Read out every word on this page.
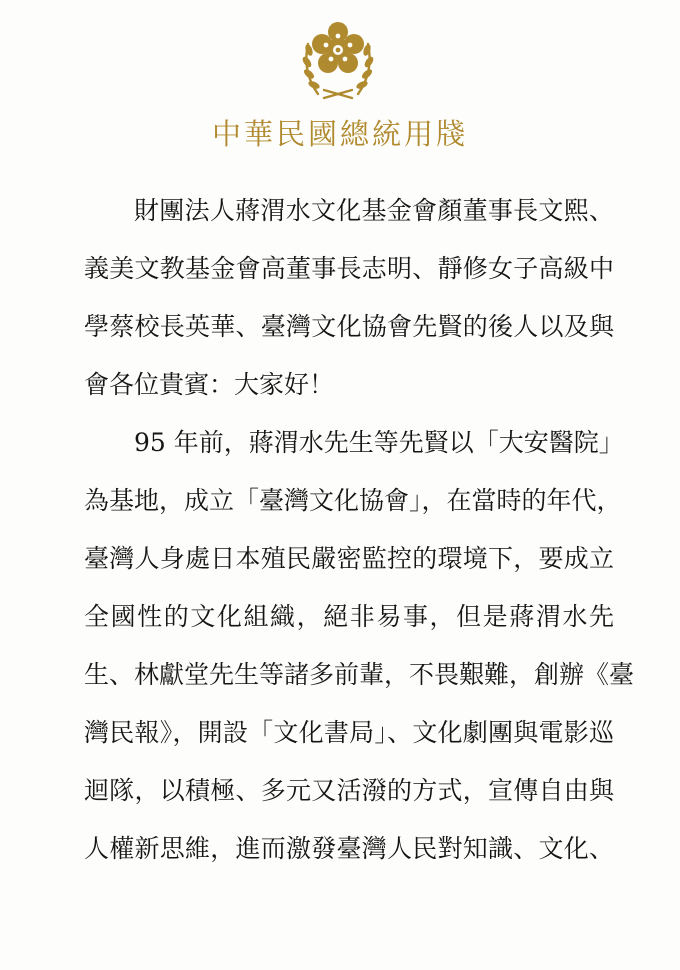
中華民國總統用牋
財團法人蔣渭水文化基金會顏董事長文熙、
義美文教基金會高董事長志明、靜修女子高級中
學蔡校長英華、臺灣文化協會先賢的後人以及與
會各位貴賓：大家好！
95 年前，蔣渭水先生等先賢以「大安醫院」
為基地，成立「臺灣文化協會」，在當時的年代，
臺灣人身處日本殖民嚴密監控的環境下，要成立
全國性的文化組織，絕非易事，但是蔣渭水先
生、林獻堂先生等諸多前輩，不畏艱難，創辦《臺
灣民報》，開設「文化書局」、文化劇團與電影巡
迴隊，以積極、多元又活潑的方式，宣傳自由與
人權新思維，進而激發臺灣人民對知識、文化、
